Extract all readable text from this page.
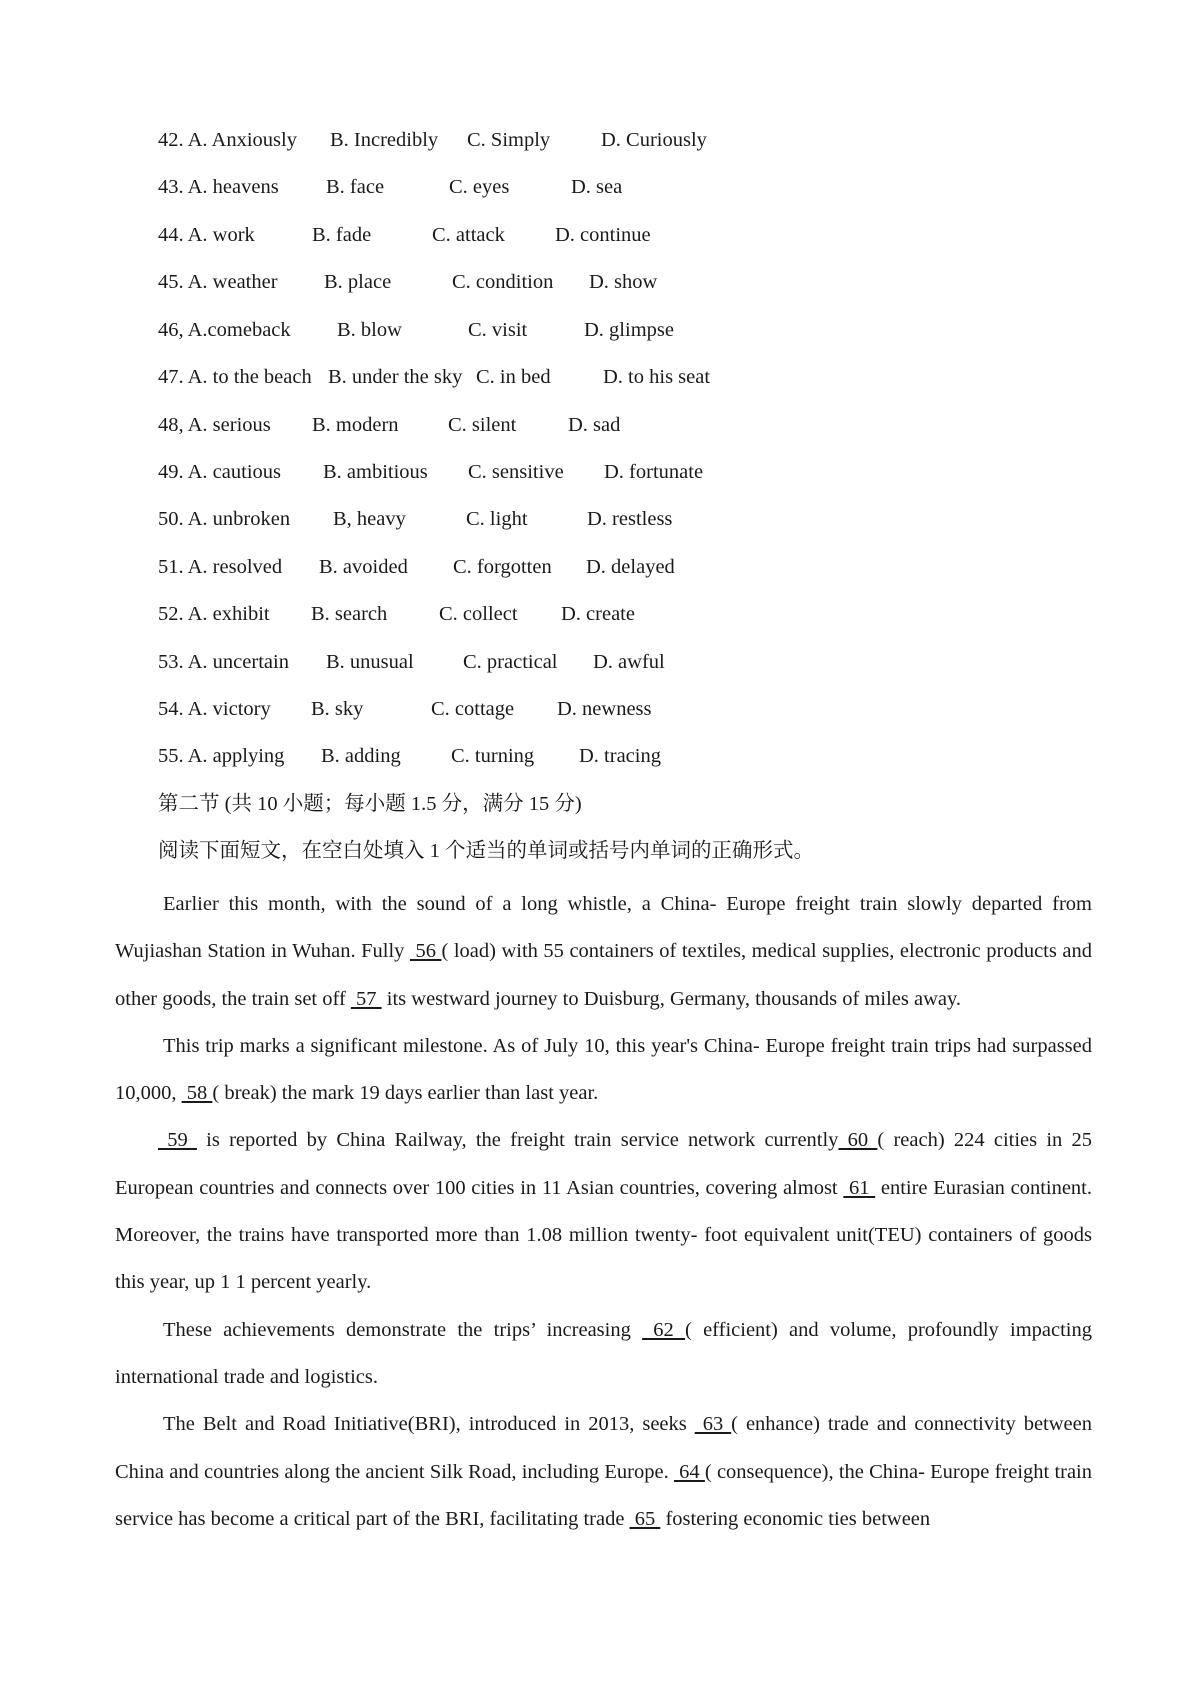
42. A. Anxiously B. Incredibly C. Simply D. Curiously
43. A. heavens B. face	C. eyes	D. sea
44. A. work	B. fade	C. attack D. continue
45. A. weather B. place	C. condition D. show
46, A.comeback B. blow	C. visit	D. glimpse
47. A. to the beach B. under the sky C. in bed	D. to his seat
48, A. serious B. modern C. silent	D. sad
49. A. cautious B. ambitious C. sensitive D. fortunate
50. A. unbroken B, heavy	C. light	D. restless
51. A. resolved B. avoided C. forgotten D. delayed
52. A. exhibit B. search	C. collect D. create
53. A. uncertain B. unusual C. practical D. awful
54. A. victory B. sky	C. cottage D. newness
55. A. applying B. adding C. turning D. tracing
第二节 (共 10 小题；每小题 1.5 分，满分 15 分)
阅读下面短文，在空白处填入 1 个适当的单词或括号内单词的正确形式。

Earlier this month, with the sound of a long whistle, a China- Europe freight train slowly departed from Wujiashan Station in Wuhan. Fully  56 ( load) with 55 containers of textiles, medical supplies, electronic products and other goods, the train set off  57  its westward journey to Duisburg, Germany, thousands of miles away.

This trip marks a significant milestone. As of July 10, this year's China- Europe freight train trips had surpassed 10,000,  58 ( break) the mark 19 days earlier than last year.

59  is reported by China Railway, the freight train service network currently 60 ( reach) 224 cities in 25 European countries and connects over 100 cities in 11 Asian countries, covering almost  61  entire Eurasian continent. Moreover, the trains have transported more than 1.08 million twenty- foot equivalent unit(TEU) containers of goods this year, up 1 1 percent yearly.

These achievements demonstrate the trips’ increasing  62 ( efficient) and volume, profoundly impacting international trade and logistics.

The Belt and Road Initiative(BRI), introduced in 2013, seeks  63 ( enhance) trade and connectivity between China and countries along the ancient Silk Road, including Europe.  64 ( consequence), the China- Europe freight train service has become a critical part of the BRI, facilitating trade  65  fostering economic ties between
